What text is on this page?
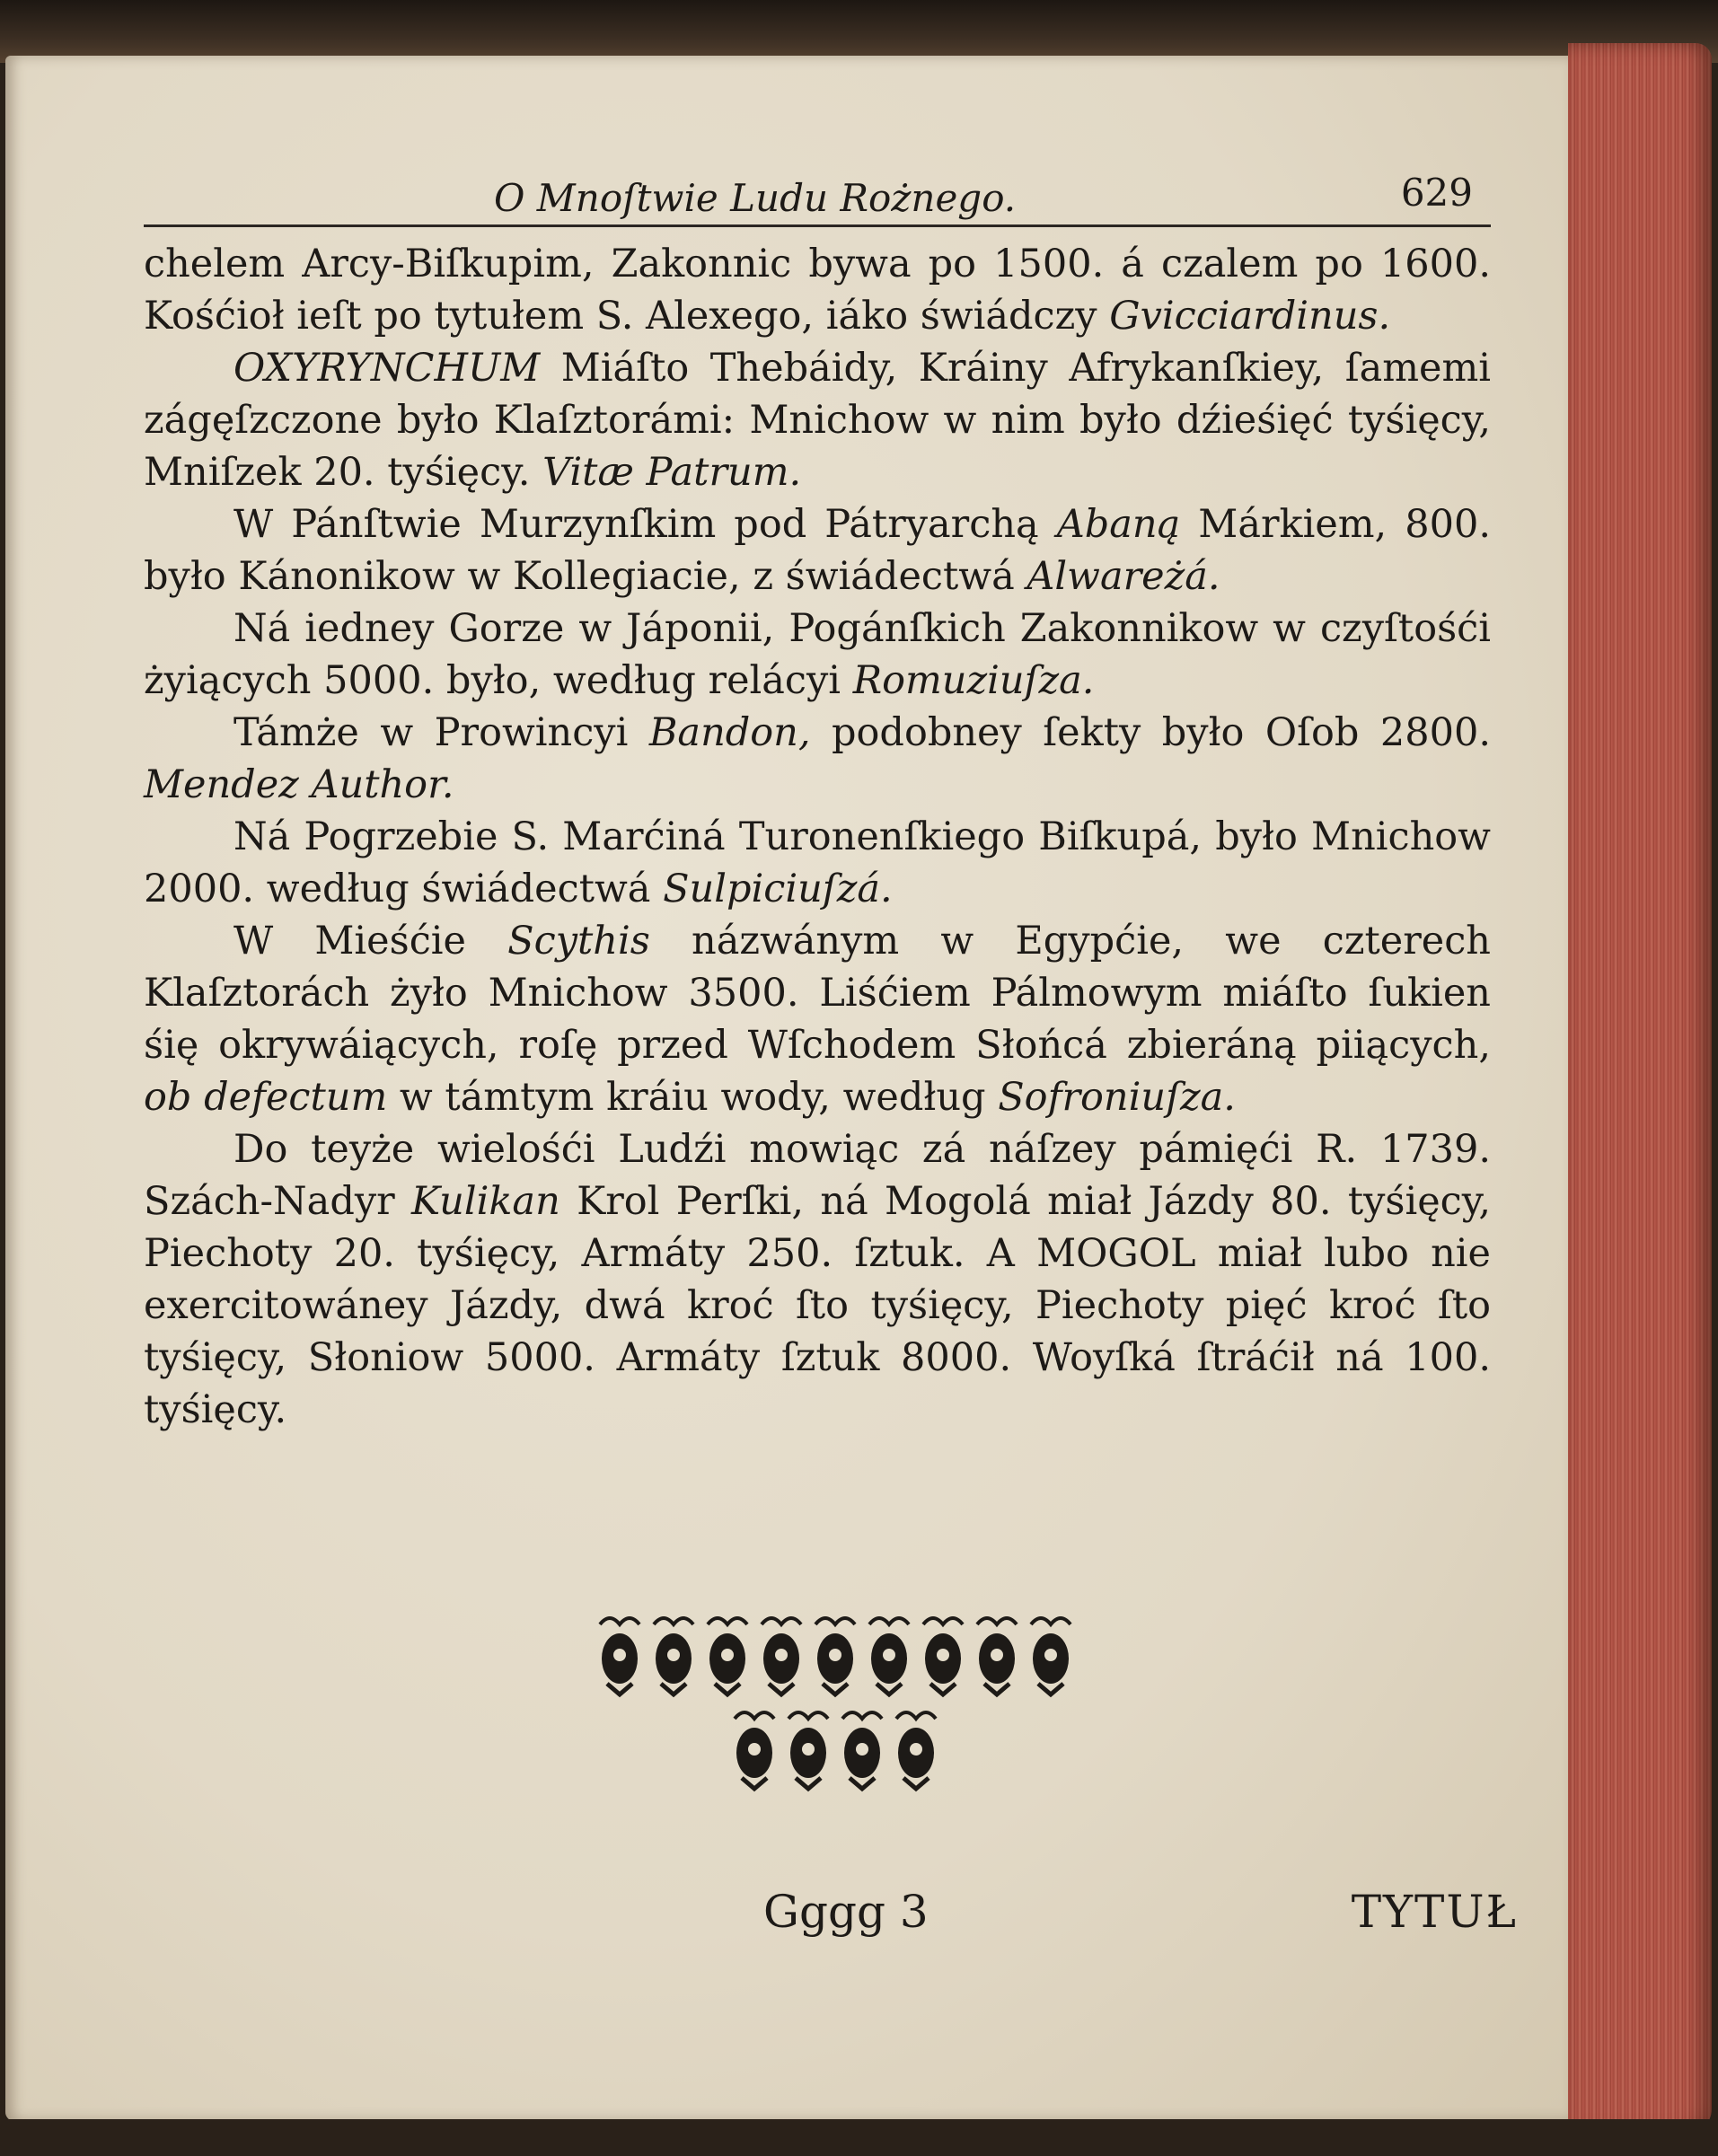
O Mnoſtwie Ludu Rożnego.	629

chelem Arcy-Biſkupim, Zakonnic bywa po 1500. á czalem po 1600. Kośćioł ieſt po tytułem S. Alexego, iáko świádczy Gvicciardinus.

OXYRYNCHUM Miáſto Thebáidy, Kráiny Afrykanſkiey, ſamemi zágęſzczone było Klaſztorámi: Mnichow w nim było dźieśięć tyśięcy, Mniſzek 20. tyśięcy. Vitæ Patrum.

W Pánſtwie Murzynſkim pod Pátryarchą Abaną Márkiem, 800. było Kánonikow w Kollegiacie, z świádectwá Alwareżá.

Ná iedney Gorze w Jáponii, Pogánſkich Zakonnikow w czyſtośći żyiących 5000. było, według relácyi Romuziuſza.

Támże w Prowincyi Bandon, podobney ſekty było Oſob 2800. Mendez Author.

Ná Pogrzebie S. Marćiná Turonenſkiego Biſkupá, było Mnichow 2000. według świádectwá Sulpiciuſzá.

W Mieśćie Scythis názwánym w Egypćie, we czterech Klaſztorách żyło Mnichow 3500. Liśćiem Pálmowym miáſto ſukien śię okrywáiących, roſę przed Wſchodem Słońcá zbieráną piiących, ob defectum w támtym kráiu wody, według Sofroniuſza.

Do teyże wielośći Ludźi mowiąc zá náſzey pámięći R. 1739. Szách-Nadyr Kulikan Krol Perſki, ná Mogolá miał Jázdy 80. tyśięcy, Piechoty 20. tyśięcy, Armáty 250. ſztuk. A MOGOL miał lubo nie exercitowáney Jázdy, dwá kroć ſto tyśięcy, Piechoty pięć kroć ſto tyśięcy, Słoniow 5000. Armáty ſztuk 8000. Woyſká ſtráćił ná 100. tyśięcy.

Gggg 3	TYTUŁ
